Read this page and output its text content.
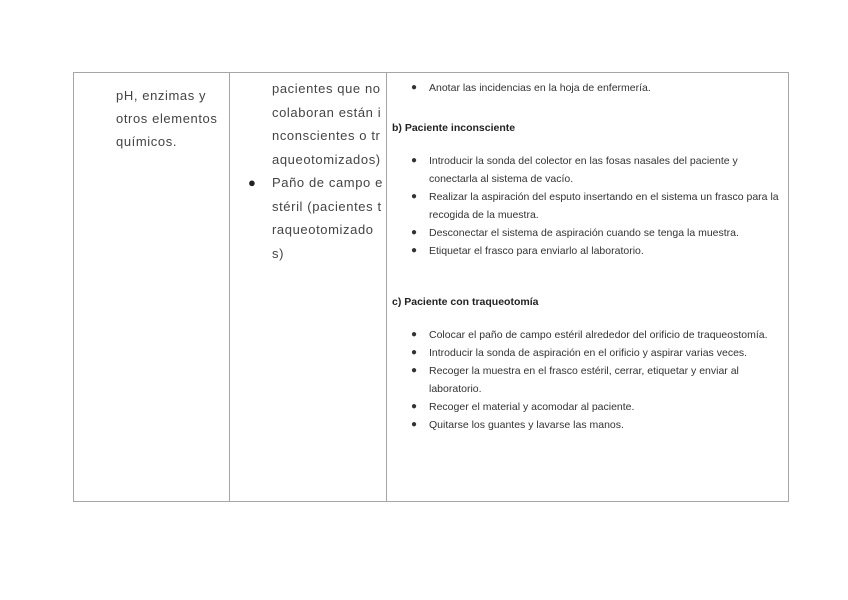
pH, enzimas y otros elementos químicos.
pacientes que no colaboran están inconscientes o traqueotomizados)
●	Paño de campo estéril (pacientes traqueotomizados)
● Anotar las incidencias en la hoja de enfermería.
b) Paciente inconsciente
● Introducir la sonda del colector en las fosas nasales del paciente y conectarla al sistema de vacío.
● Realizar la aspiración del esputo insertando en el sistema un frasco para la recogida de la muestra.
● Desconectar el sistema de aspiración cuando se tenga la muestra.
● Etiquetar el frasco para enviarlo al laboratorio.
c) Paciente con traqueotomía
● Colocar el paño de campo estéril alrededor del orificio de traqueostomía.
● Introducir la sonda de aspiración en el orificio y aspirar varias veces.
● Recoger la muestra en el frasco estéril, cerrar, etiquetar y enviar al laboratorio.
● Recoger el material y acomodar al paciente.
● Quitarse los guantes y lavarse las manos.
